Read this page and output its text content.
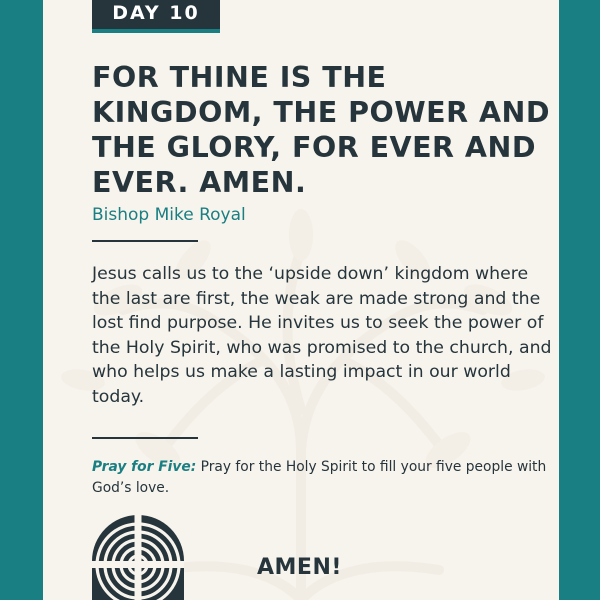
DAY 10
FOR THINE IS THE KINGDOM, THE POWER AND THE GLORY, FOR EVER AND EVER. AMEN.
Bishop Mike Royal

Jesus calls us to the ‘upside down’ kingdom where the last are first, the weak are made strong and the lost find purpose. He invites us to seek the power of the Holy Spirit, who was promised to the church, and who helps us make a lasting impact in our world today.

Pray for Five: Pray for the Holy Spirit to fill your five people with God’s love.

AMEN!
